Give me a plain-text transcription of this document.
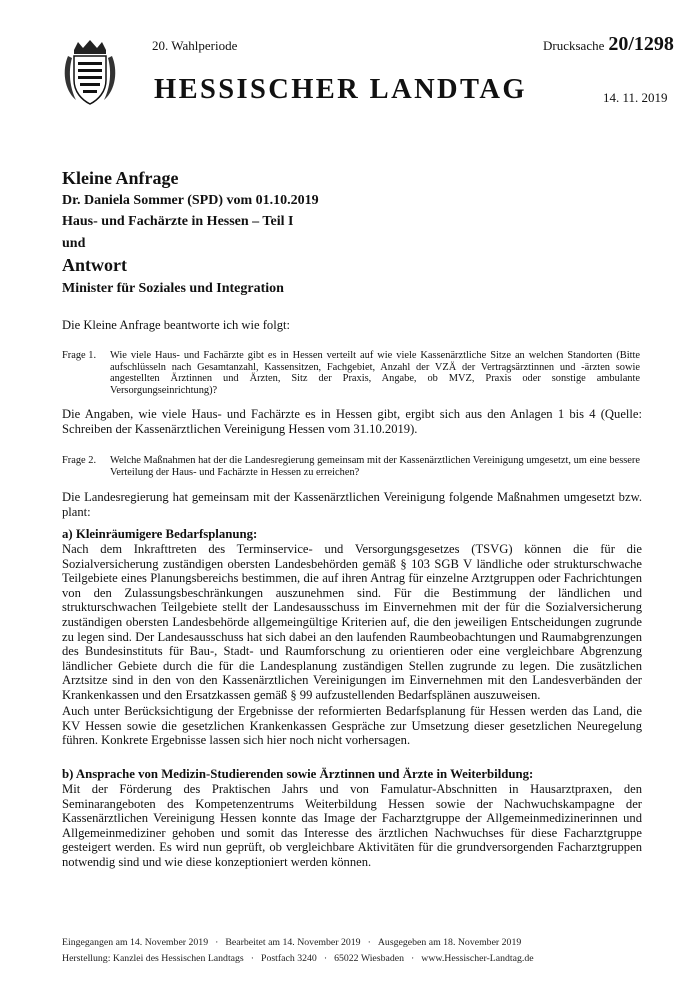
20. Wahlperiode	Drucksache 20/1298
HESSISCHER LANDTAG	14. 11. 2019
Kleine Anfrage
Dr. Daniela Sommer (SPD) vom 01.10.2019
Haus- und Fachärzte in Hessen – Teil I
und
Antwort
Minister für Soziales und Integration
Die Kleine Anfrage beantworte ich wie folgt:
Frage 1.	Wie viele Haus- und Fachärzte gibt es in Hessen verteilt auf wie viele Kassenärztliche Sitze an welchen Standorten (Bitte aufschlüsseln nach Gesamtanzahl, Kassensitzen, Fachgebiet, Anzahl der VZÄ der Vertragsärztinnen und -ärzten sowie angestellten Ärztinnen und Ärzten, Sitz der Praxis, Angabe, ob MVZ, Praxis oder sonstige ambulante Versorgungseinrichtung)?
Die Angaben, wie viele Haus- und Fachärzte es in Hessen gibt, ergibt sich aus den Anlagen 1 bis 4 (Quelle: Schreiben der Kassenärztlichen Vereinigung Hessen vom 31.10.2019).
Frage 2.	Welche Maßnahmen hat der die Landesregierung gemeinsam mit der Kassenärztlichen Vereinigung umgesetzt, um eine bessere Verteilung der Haus- und Fachärzte in Hessen zu erreichen?
Die Landesregierung hat gemeinsam mit der Kassenärztlichen Vereinigung folgende Maßnahmen umgesetzt bzw. plant:
a) Kleinräumigere Bedarfsplanung:
Nach dem Inkrafttreten des Terminservice- und Versorgungsgesetzes (TSVG) können die für die Sozialversicherung zuständigen obersten Landesbehörden gemäß § 103 SGB V ländliche oder strukturschwache Teilgebiete eines Planungsbereichs bestimmen, die auf ihren Antrag für einzelne Arztgruppen oder Fachrichtungen von den Zulassungsbeschränkungen auszunehmen sind. Für die Bestimmung der ländlichen und strukturschwachen Teilgebiete stellt der Landesausschuss im Einvernehmen mit der für die Sozialversicherung zuständigen obersten Landesbehörde allgemeingültige Kriterien auf, die den jeweiligen Entscheidungen zugrunde zu legen sind. Der Landesausschuss hat sich dabei an den laufenden Raumbeobachtungen und Raumabgrenzungen des Bundesinstituts für Bau-, Stadt- und Raumforschung zu orientieren oder eine vergleichbare Abgrenzung ländlicher Gebiete durch die für die Landesplanung zuständigen Stellen zugrunde zu legen. Die zusätzlichen Arztsitze sind in den von den Kassenärztlichen Vereinigungen im Einvernehmen mit den Landesverbänden der Krankenkassen und den Ersatzkassen gemäß § 99 aufzustellenden Bedarfsplänen auszuweisen.
Auch unter Berücksichtigung der Ergebnisse der reformierten Bedarfsplanung für Hessen werden das Land, die KV Hessen sowie die gesetzlichen Krankenkassen Gespräche zur Umsetzung dieser gesetzlichen Neuregelung führen. Konkrete Ergebnisse lassen sich hier noch nicht vorhersagen.
b) Ansprache von Medizin-Studierenden sowie Ärztinnen und Ärzte in Weiterbildung:
Mit der Förderung des Praktischen Jahrs und von Famulatur-Abschnitten in Hausarztpraxen, den Seminarangeboten des Kompetenzentrums Weiterbildung Hessen sowie der Nachwuchskampagne der Kassenärztlichen Vereinigung Hessen konnte das Image der Facharztgruppe der Allgemeinmedizinerinnen und Allgemeinmediziner gehoben und somit das Interesse des ärztlichen Nachwuchses für diese Facharztgruppe gesteigert werden. Es wird nun geprüft, ob vergleichbare Aktivitäten für die grundversorgenden Facharztgruppen notwendig sind und wie diese konzeptioniert werden können.
Eingegangen am 14. November 2019 · Bearbeitet am 14. November 2019 · Ausgegeben am 18. November 2019
Herstellung: Kanzlei des Hessischen Landtags · Postfach 3240 · 65022 Wiesbaden · www.Hessischer-Landtag.de
